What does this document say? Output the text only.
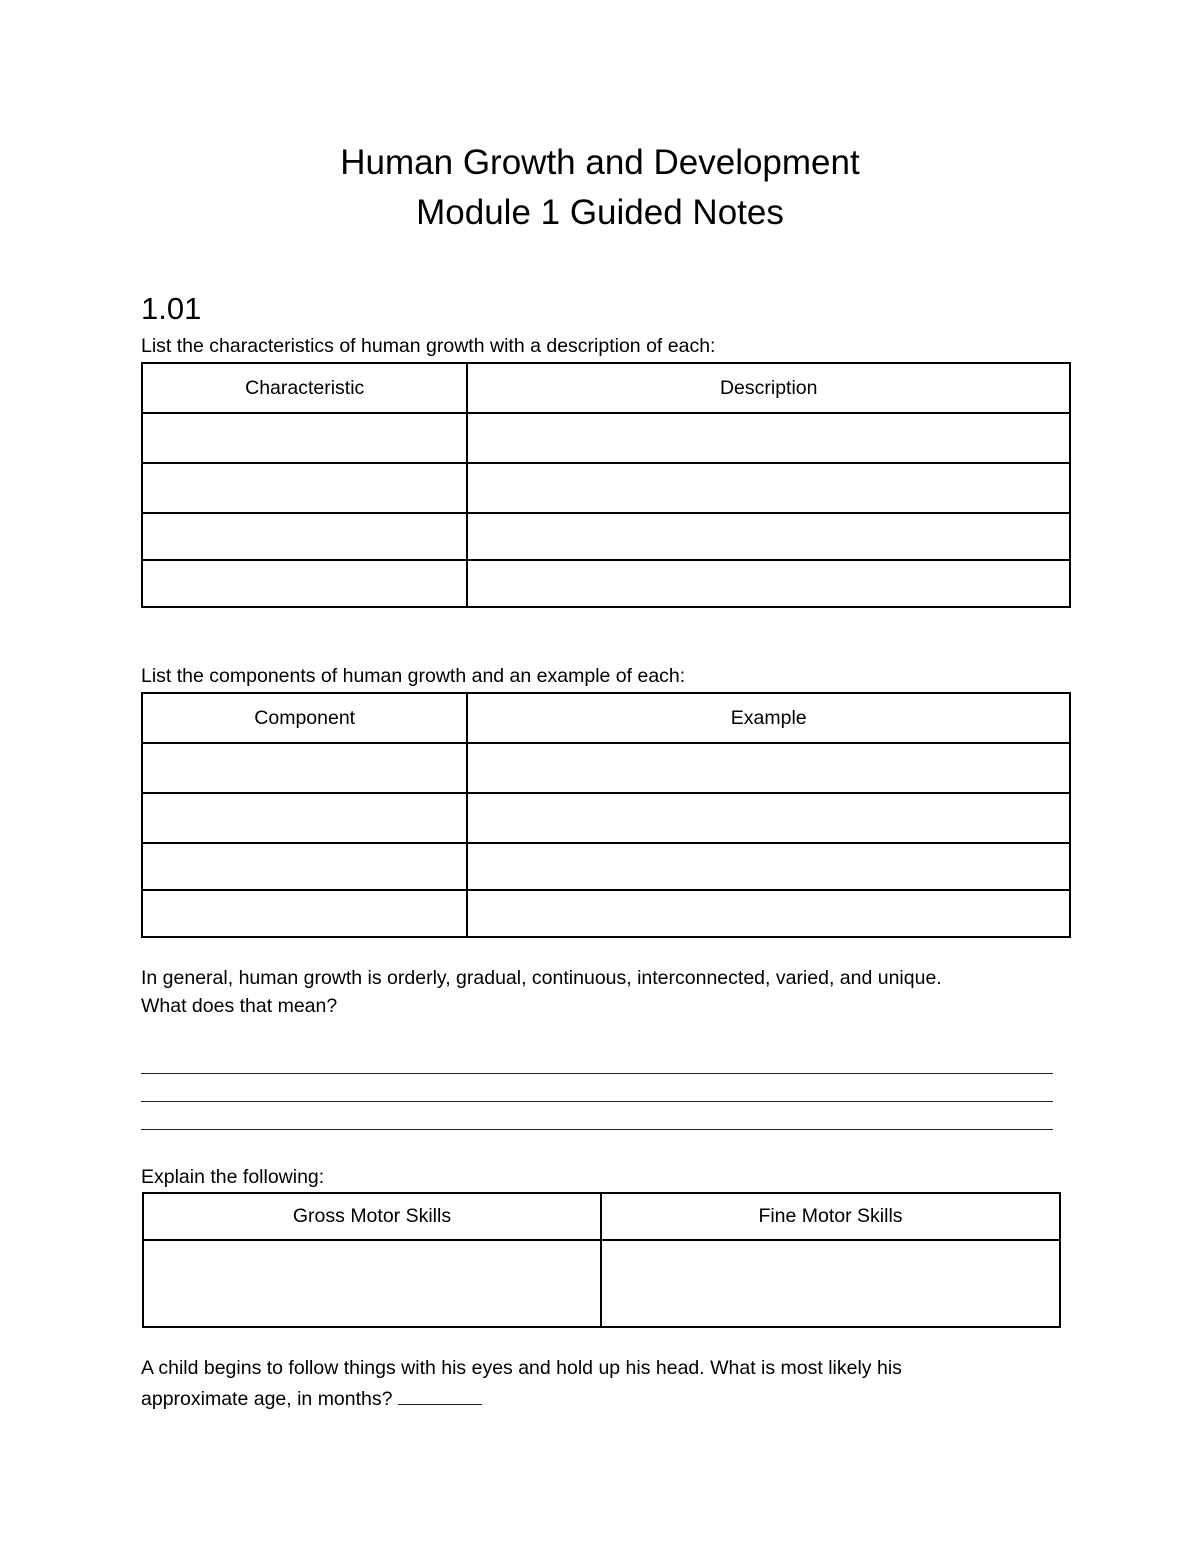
Human Growth and Development
Module 1 Guided Notes
1.01
List the characteristics of human growth with a description of each:
Characteristic	Description

List the components of human growth and an example of each:
Component	Example

In general, human growth is orderly, gradual, continuous, interconnected, varied, and unique.
What does that mean?
Explain the following:
Gross Motor Skills	Fine Motor Skills

A child begins to follow things with his eyes and hold up his head. What is most likely his
approximate age, in months?
